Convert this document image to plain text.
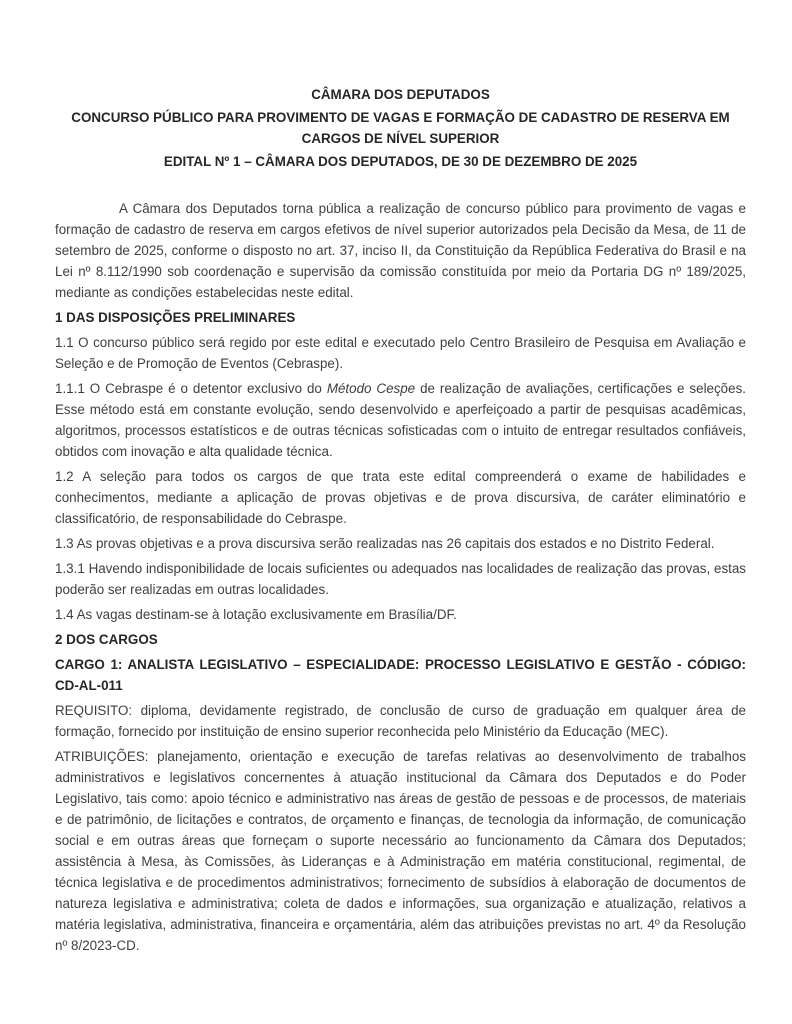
CÂMARA DOS DEPUTADOS

CONCURSO PÚBLICO PARA PROVIMENTO DE VAGAS E FORMAÇÃO DE CADASTRO DE RESERVA EM CARGOS DE NÍVEL SUPERIOR

EDITAL Nº 1 – CÂMARA DOS DEPUTADOS, DE 30 DE DEZEMBRO DE 2025

A Câmara dos Deputados torna pública a realização de concurso público para provimento de vagas e formação de cadastro de reserva em cargos efetivos de nível superior autorizados pela Decisão da Mesa, de 11 de setembro de 2025, conforme o disposto no art. 37, inciso II, da Constituição da República Federativa do Brasil e na Lei nº 8.112/1990 sob coordenação e supervisão da comissão constituída por meio da Portaria DG nº 189/2025, mediante as condições estabelecidas neste edital.

1 DAS DISPOSIÇÕES PRELIMINARES

1.1 O concurso público será regido por este edital e executado pelo Centro Brasileiro de Pesquisa em Avaliação e Seleção e de Promoção de Eventos (Cebraspe).

1.1.1 O Cebraspe é o detentor exclusivo do Método Cespe de realização de avaliações, certificações e seleções. Esse método está em constante evolução, sendo desenvolvido e aperfeiçoado a partir de pesquisas acadêmicas, algoritmos, processos estatísticos e de outras técnicas sofisticadas com o intuito de entregar resultados confiáveis, obtidos com inovação e alta qualidade técnica.

1.2 A seleção para todos os cargos de que trata este edital compreenderá o exame de habilidades e conhecimentos, mediante a aplicação de provas objetivas e de prova discursiva, de caráter eliminatório e classificatório, de responsabilidade do Cebraspe.

1.3 As provas objetivas e a prova discursiva serão realizadas nas 26 capitais dos estados e no Distrito Federal.

1.3.1 Havendo indisponibilidade de locais suficientes ou adequados nas localidades de realização das provas, estas poderão ser realizadas em outras localidades.

1.4 As vagas destinam-se à lotação exclusivamente em Brasília/DF.

2 DOS CARGOS

CARGO 1: ANALISTA LEGISLATIVO – ESPECIALIDADE: PROCESSO LEGISLATIVO E GESTÃO - CÓDIGO: CD-AL-011

REQUISITO: diploma, devidamente registrado, de conclusão de curso de graduação em qualquer área de formação, fornecido por instituição de ensino superior reconhecida pelo Ministério da Educação (MEC).

ATRIBUIÇÕES: planejamento, orientação e execução de tarefas relativas ao desenvolvimento de trabalhos administrativos e legislativos concernentes à atuação institucional da Câmara dos Deputados e do Poder Legislativo, tais como: apoio técnico e administrativo nas áreas de gestão de pessoas e de processos, de materiais e de patrimônio, de licitações e contratos, de orçamento e finanças, de tecnologia da informação, de comunicação social e em outras áreas que forneçam o suporte necessário ao funcionamento da Câmara dos Deputados; assistência à Mesa, às Comissões, às Lideranças e à Administração em matéria constitucional, regimental, de técnica legislativa e de procedimentos administrativos; fornecimento de subsídios à elaboração de documentos de natureza legislativa e administrativa; coleta de dados e informações, sua organização e atualização, relativos a matéria legislativa, administrativa, financeira e orçamentária, além das atribuições previstas no art. 4º da Resolução nº 8/2023-CD.
